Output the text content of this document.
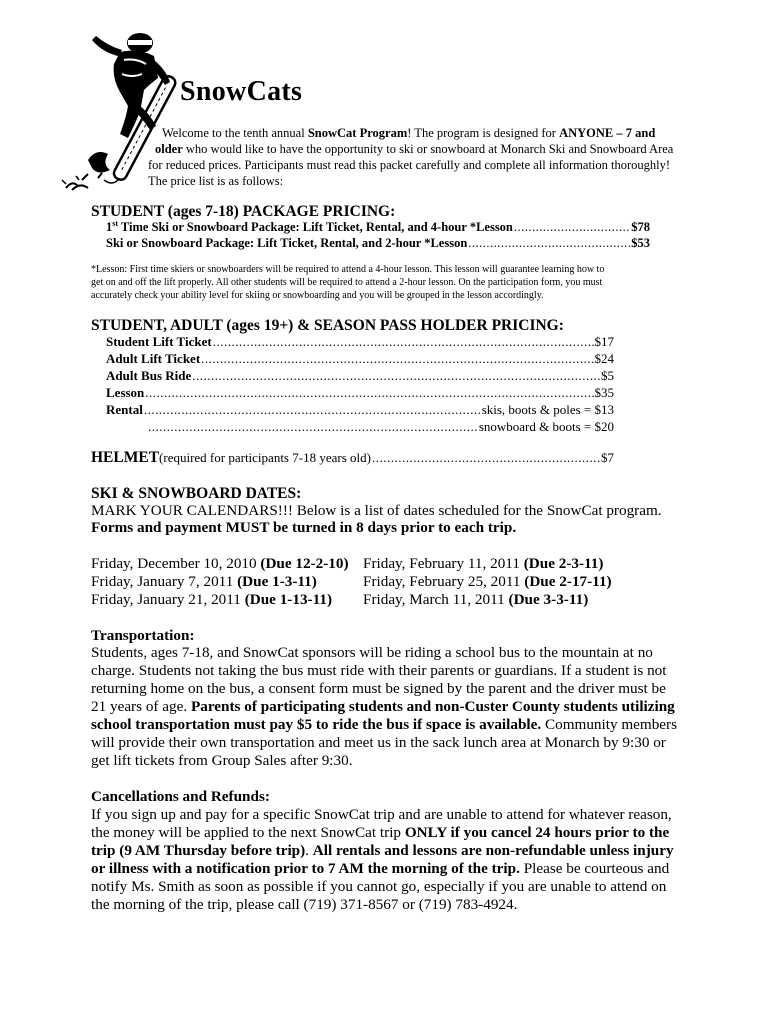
SnowCats
Welcome to the tenth annual SnowCat Program! The program is designed for ANYONE – 7 and
older who would like to have the opportunity to ski or snowboard at Monarch Ski and Snowboard Area
for reduced prices. Participants must read this packet carefully and complete all information thoroughly!
The price list is as follows:
STUDENT (ages 7-18) PACKAGE PRICING:
1st Time Ski or Snowboard Package: Lift Ticket, Rental, and 4-hour *Lesson .....	$78
Ski or Snowboard Package: Lift Ticket, Rental, and 2-hour *Lesson .....	$53
*Lesson: First time skiers or snowboarders will be required to attend a 4-hour lesson. This lesson will guarantee learning how to
get on and off the lift properly. All other students will be required to attend a 2-hour lesson. On the participation form, you must
accurately check your ability level for skiing or snowboarding and you will be grouped in the lesson accordingly.
STUDENT, ADULT (ages 19+) & SEASON PASS HOLDER PRICING:
Student Lift Ticket .....	$17
Adult Lift Ticket .....	$24
Adult Bus Ride .....	$5
Lesson .....	$35
Rental .....	skis, boots & poles = $13
.....
snowboard & boots = $20
HELMET (required for participants 7-18 years old) .....	$7
SKI & SNOWBOARD DATES:
MARK YOUR CALENDARS!!! Below is a list of dates scheduled for the SnowCat program.
Forms and payment MUST be turned in 8 days prior to each trip.
Friday, December 10, 2010 (Due 12-2-10)
Friday, January 7, 2011 (Due 1-3-11)
Friday, January 21, 2011 (Due 1-13-11)
Friday, February 11, 2011 (Due 2-3-11)
Friday, February 25, 2011 (Due 2-17-11)
Friday, March 11, 2011 (Due 3-3-11)
Transportation:
Students, ages 7-18, and SnowCat sponsors will be riding a school bus to the mountain at no
charge. Students not taking the bus must ride with their parents or guardians. If a student is not
returning home on the bus, a consent form must be signed by the parent and the driver must be
21 years of age. Parents of participating students and non-Custer County students utilizing
school transportation must pay $5 to ride the bus if space is available. Community members
will provide their own transportation and meet us in the sack lunch area at Monarch by 9:30 or
get lift tickets from Group Sales after 9:30.
Cancellations and Refunds:
If you sign up and pay for a specific SnowCat trip and are unable to attend for whatever reason,
the money will be applied to the next SnowCat trip ONLY if you cancel 24 hours prior to the
trip (9 AM Thursday before trip). All rentals and lessons are non-refundable unless injury
or illness with a notification prior to 7 AM the morning of the trip. Please be courteous and
notify Ms. Smith as soon as possible if you cannot go, especially if you are unable to attend on
the morning of the trip, please call (719) 371-8567 or (719) 783-4924.
